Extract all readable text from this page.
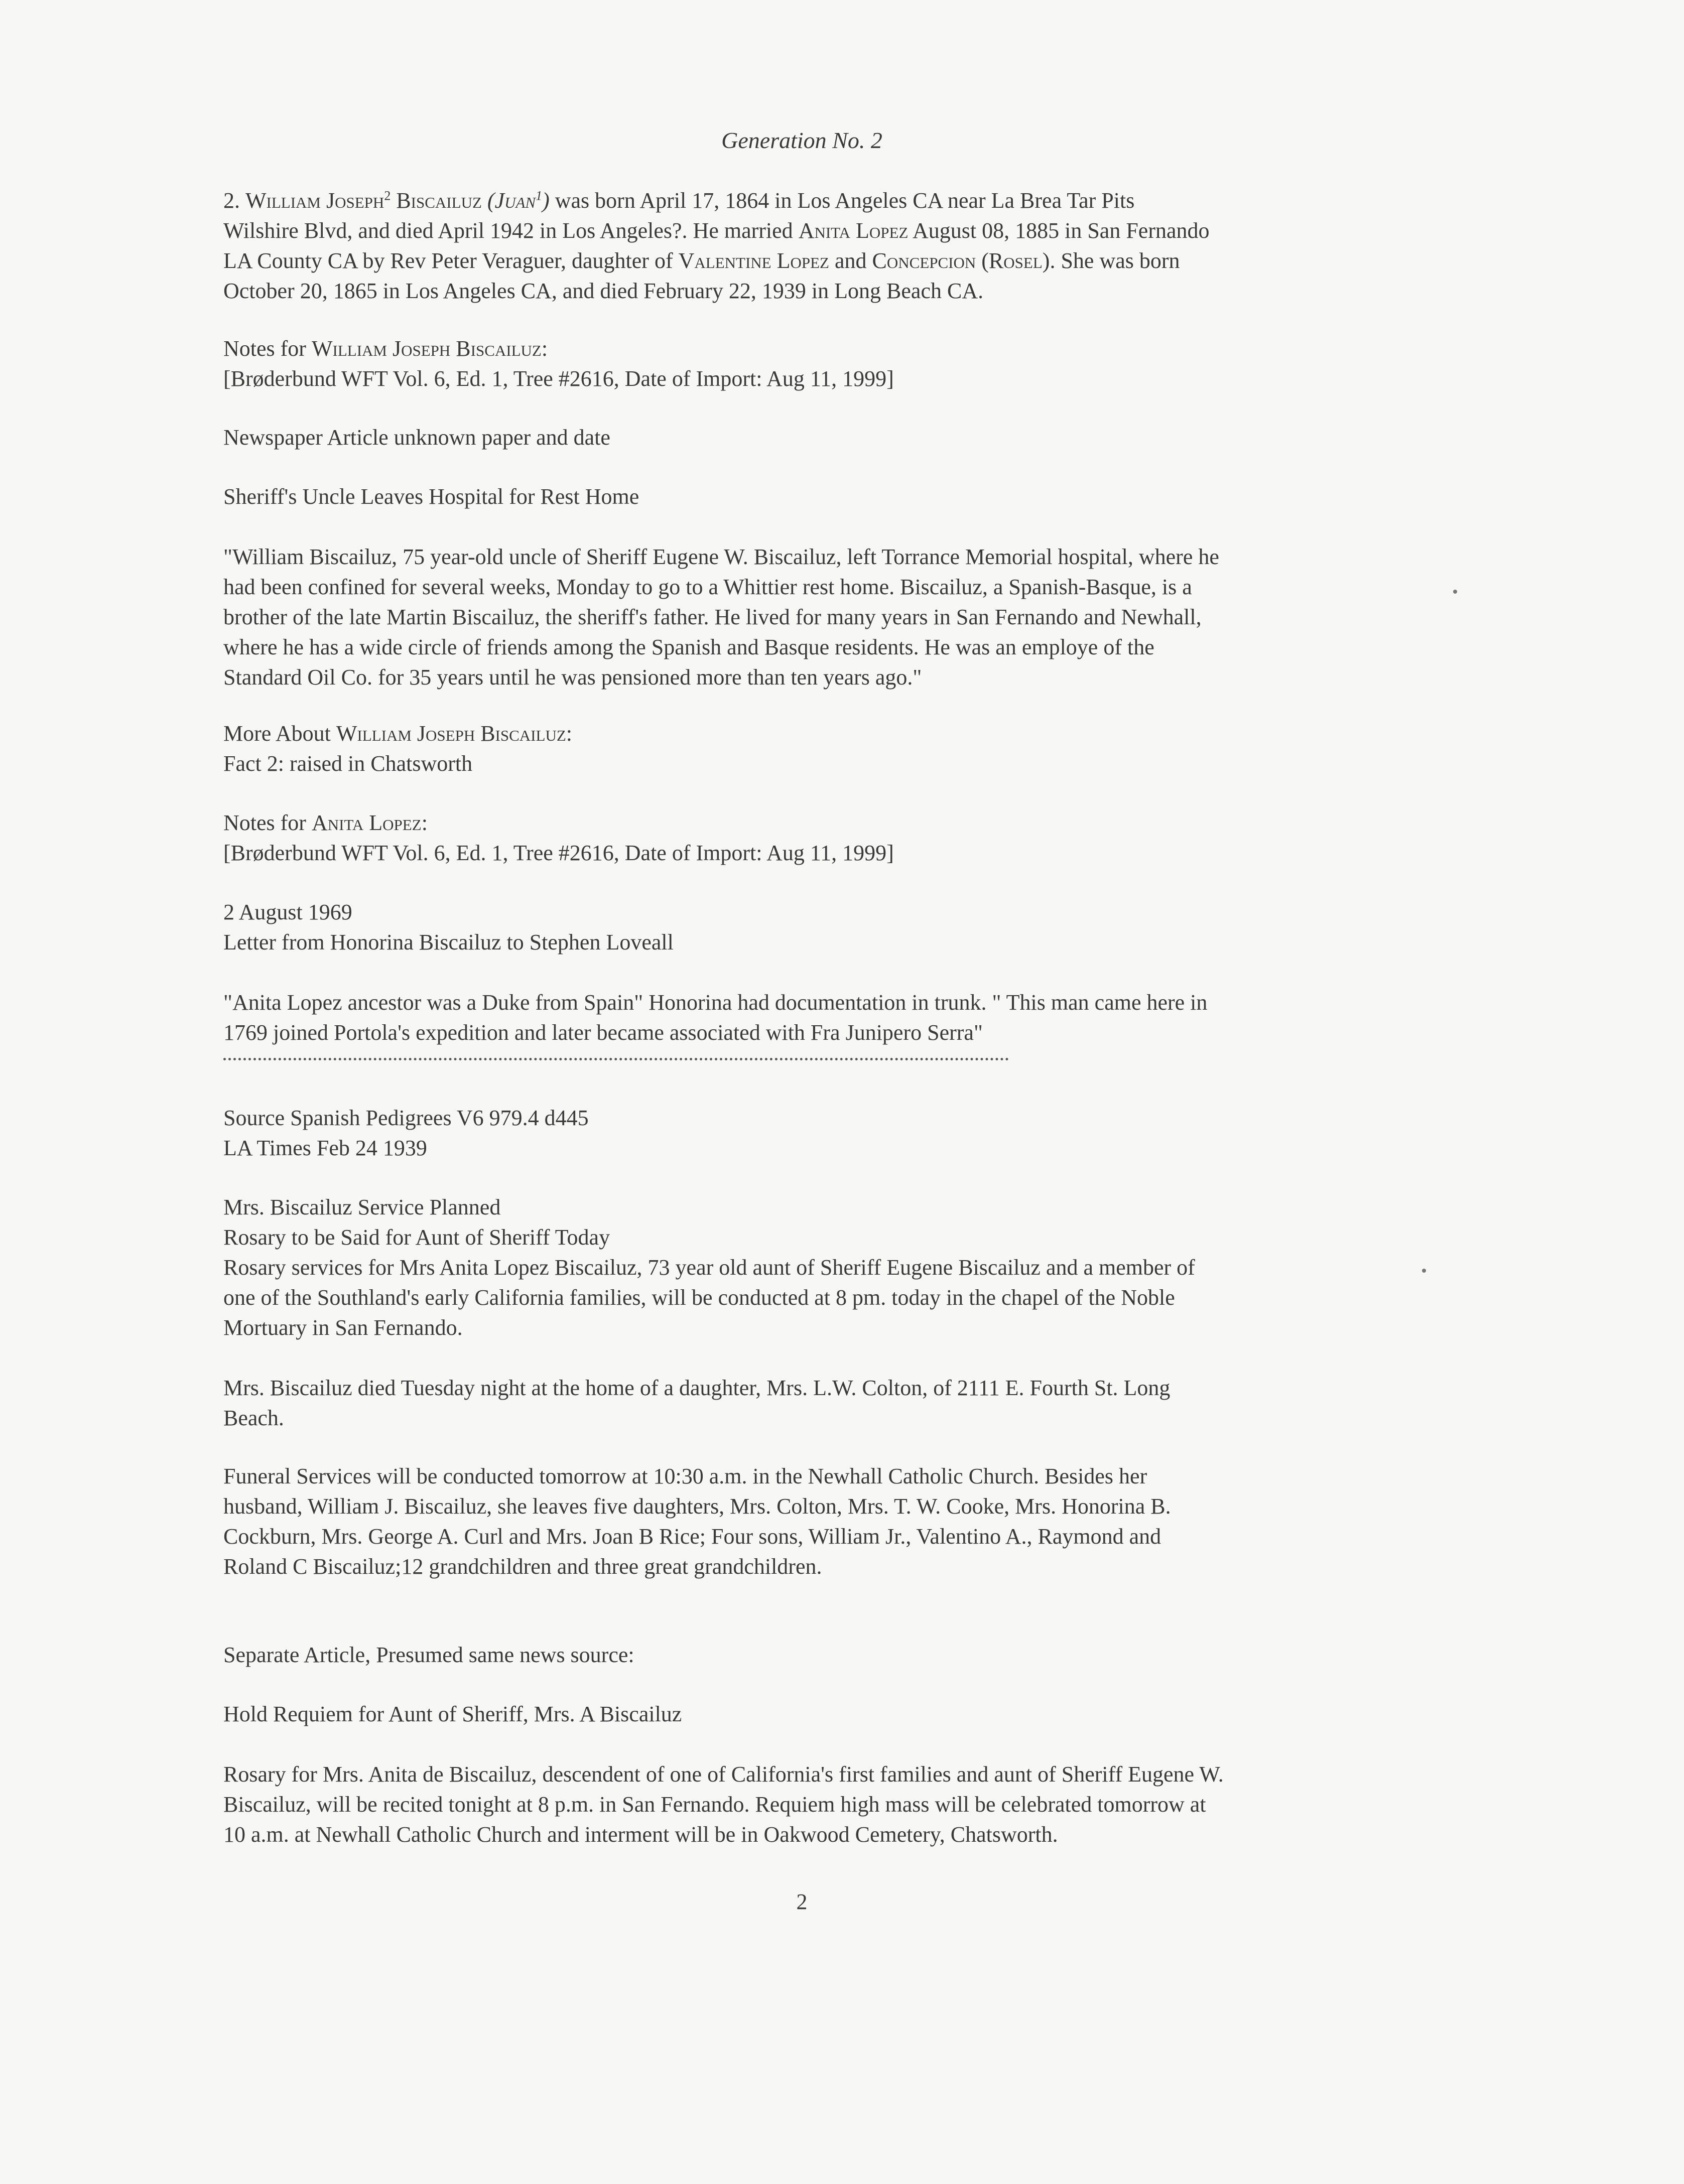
Generation No. 2
2. William Joseph$^2$ Biscailuz (Juan$^1$) was born April 17, 1864 in Los Angeles CA near La Brea Tar Pits
Wilshire Blvd, and died April 1942 in Los Angeles?. He married Anita Lopez August 08, 1885 in San Fernando
LA County CA by Rev Peter Veraguer, daughter of Valentine Lopez and Concepcion (Rosel). She was born
October 20, 1865 in Los Angeles CA, and died February 22, 1939 in Long Beach CA.
Notes for William Joseph Biscailuz:
[Brøderbund WFT Vol. 6, Ed. 1, Tree #2616, Date of Import: Aug 11, 1999]
Newspaper Article unknown paper and date
Sheriff's Uncle Leaves Hospital for Rest Home
"William Biscailuz, 75 year-old uncle of Sheriff Eugene W. Biscailuz, left Torrance Memorial hospital, where he
had been confined for several weeks, Monday to go to a Whittier rest home. Biscailuz, a Spanish-Basque, is a
brother of the late Martin Biscailuz, the sheriff's father. He lived for many years in San Fernando and Newhall,
where he has a wide circle of friends among the Spanish and Basque residents. He was an employe of the
Standard Oil Co. for 35 years until he was pensioned more than ten years ago."
More About William Joseph Biscailuz:
Fact 2: raised in Chatsworth
Notes for Anita Lopez:
[Brøderbund WFT Vol. 6, Ed. 1, Tree #2616, Date of Import: Aug 11, 1999]
2 August 1969
Letter from Honorina Biscailuz to Stephen Loveall
"Anita Lopez ancestor was a Duke from Spain" Honorina had documentation in trunk. " This man came here in
1769 joined Portola's expedition and later became associated with Fra Junipero Serra"
Source Spanish Pedigrees V6 979.4 d445
LA Times Feb 24 1939
Mrs. Biscailuz Service Planned
Rosary to be Said for Aunt of Sheriff Today
Rosary services for Mrs Anita Lopez Biscailuz, 73 year old aunt of Sheriff Eugene Biscailuz and a member of
one of the Southland's early California families, will be conducted at 8 pm. today in the chapel of the Noble
Mortuary in San Fernando.
Mrs. Biscailuz died Tuesday night at the home of a daughter, Mrs. L.W. Colton, of 2111 E. Fourth St. Long
Beach.
Funeral Services will be conducted tomorrow at 10:30 a.m. in the Newhall Catholic Church. Besides her
husband, William J. Biscailuz, she leaves five daughters, Mrs. Colton, Mrs. T. W. Cooke, Mrs. Honorina B.
Cockburn, Mrs. George A. Curl and Mrs. Joan B Rice; Four sons, William Jr., Valentino A., Raymond and
Roland C Biscailuz;12 grandchildren and three great grandchildren.
Separate Article, Presumed same news source:
Hold Requiem for Aunt of Sheriff, Mrs. A Biscailuz
Rosary for Mrs. Anita de Biscailuz, descendent of one of California's first families and aunt of Sheriff Eugene W.
Biscailuz, will be recited tonight at 8 p.m. in San Fernando. Requiem high mass will be celebrated tomorrow at
10 a.m. at Newhall Catholic Church and interment will be in Oakwood Cemetery, Chatsworth.
2
